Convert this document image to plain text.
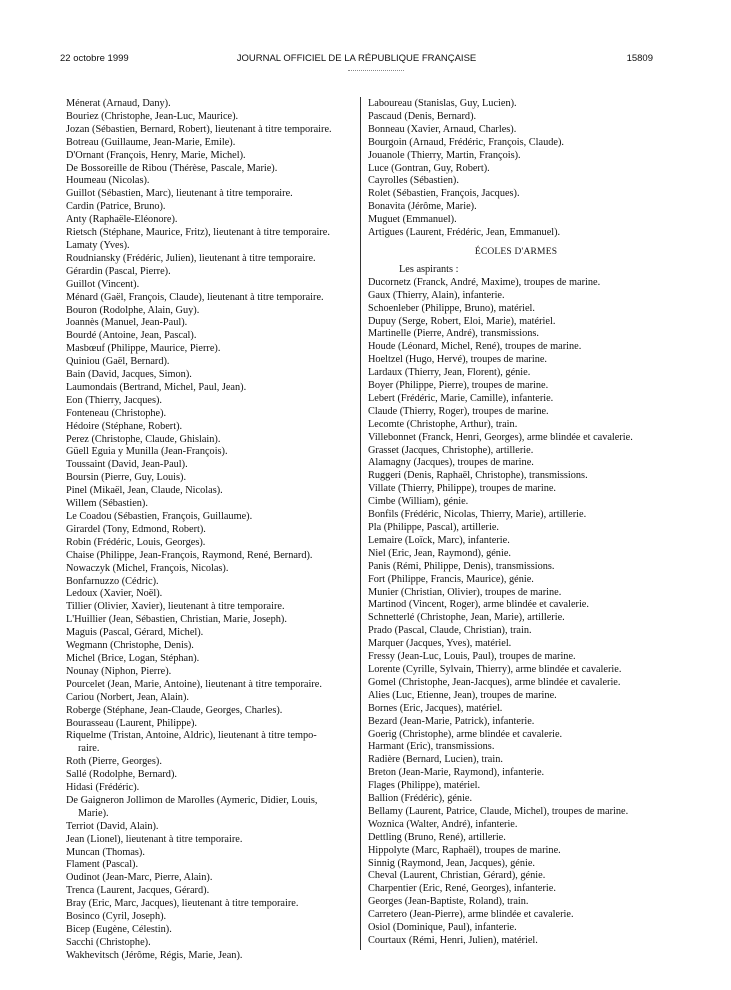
22 octobre 1999	JOURNAL OFFICIEL DE LA RÉPUBLIQUE FRANÇAISE	15809
Ménerat (Arnaud, Dany).
Bouriez (Christophe, Jean-Luc, Maurice).
Jozan (Sébastien, Bernard, Robert), lieutenant à titre temporaire.
Botreau (Guillaume, Jean-Marie, Emile).
D'Ornant (François, Henry, Marie, Michel).
De Bossoreille de Ribou (Thérèse, Pascale, Marie).
Houmeau (Nicolas).
Guillot (Sébastien, Marc), lieutenant à titre temporaire.
Cardin (Patrice, Bruno).
Anty (Raphaële-Eléonore).
Rietsch (Stéphane, Maurice, Fritz), lieutenant à titre temporaire.
Lamaty (Yves).
Roudniansky (Frédéric, Julien), lieutenant à titre temporaire.
Gérardin (Pascal, Pierre).
Guillot (Vincent).
Ménard (Gaël, François, Claude), lieutenant à titre temporaire.
Bouron (Rodolphe, Alain, Guy).
Joannès (Manuel, Jean-Paul).
Bourdé (Antoine, Jean, Pascal).
Masbœuf (Philippe, Maurice, Pierre).
Quiniou (Gaël, Bernard).
Bain (David, Jacques, Simon).
Laumondais (Bertrand, Michel, Paul, Jean).
Eon (Thierry, Jacques).
Fonteneau (Christophe).
Hédoire (Stéphane, Robert).
Perez (Christophe, Claude, Ghislain).
Güell Eguia y Munilla (Jean-François).
Toussaint (David, Jean-Paul).
Boursin (Pierre, Guy, Louis).
Pinel (Mikaël, Jean, Claude, Nicolas).
Willem (Sébastien).
Le Coadou (Sébastien, François, Guillaume).
Girardel (Tony, Edmond, Robert).
Robin (Frédéric, Louis, Georges).
Chaise (Philippe, Jean-François, Raymond, René, Bernard).
Nowaczyk (Michel, François, Nicolas).
Bonfarnuzzo (Cédric).
Ledoux (Xavier, Noël).
Tillier (Olivier, Xavier), lieutenant à titre temporaire.
L'Huillier (Jean, Sébastien, Christian, Marie, Joseph).
Maguis (Pascal, Gérard, Michel).
Wegmann (Christophe, Denis).
Michel (Brice, Logan, Stéphan).
Nounay (Niphon, Pierre).
Pourcelet (Jean, Marie, Antoine), lieutenant à titre temporaire.
Cariou (Norbert, Jean, Alain).
Roberge (Stéphane, Jean-Claude, Georges, Charles).
Bourasseau (Laurent, Philippe).
Riquelme (Tristan, Antoine, Aldric), lieutenant à titre tempo-
raire.
Roth (Pierre, Georges).
Sallé (Rodolphe, Bernard).
Hidasi (Frédéric).
De Gaigneron Jollimon de Marolles (Aymeric, Didier, Louis,
Marie).
Terriot (David, Alain).
Jean (Lionel), lieutenant à titre temporaire.
Muncan (Thomas).
Flament (Pascal).
Oudinot (Jean-Marc, Pierre, Alain).
Trenca (Laurent, Jacques, Gérard).
Bray (Eric, Marc, Jacques), lieutenant à titre temporaire.
Bosinco (Cyril, Joseph).
Bicep (Eugène, Célestin).
Sacchi (Christophe).
Wakhevitsch (Jérôme, Régis, Marie, Jean).
Laboureau (Stanislas, Guy, Lucien).
Pascaud (Denis, Bernard).
Bonneau (Xavier, Arnaud, Charles).
Bourgoin (Arnaud, Frédéric, François, Claude).
Jouanole (Thierry, Martin, François).
Luce (Gontran, Guy, Robert).
Cayrolles (Sébastien).
Rolet (Sébastien, François, Jacques).
Bonavita (Jérôme, Marie).
Muguet (Emmanuel).
Artigues (Laurent, Frédéric, Jean, Emmanuel).
ÉCOLES D'ARMES
Les aspirants :
Ducornetz (Franck, André, Maxime), troupes de marine.
Gaux (Thierry, Alain), infanterie.
Schoenleber (Philippe, Bruno), matériel.
Dupuy (Serge, Robert, Eloi, Marie), matériel.
Martinelle (Pierre, André), transmissions.
Houde (Léonard, Michel, René), troupes de marine.
Hoeltzel (Hugo, Hervé), troupes de marine.
Lardaux (Thierry, Jean, Florent), génie.
Boyer (Philippe, Pierre), troupes de marine.
Lebert (Frédéric, Marie, Camille), infanterie.
Claude (Thierry, Roger), troupes de marine.
Lecomte (Christophe, Arthur), train.
Villebonnet (Franck, Henri, Georges), arme blindée et cavalerie.
Grasset (Jacques, Christophe), artillerie.
Alamagny (Jacques), troupes de marine.
Ruggeri (Denis, Raphaël, Christophe), transmissions.
Villate (Thierry, Philippe), troupes de marine.
Cimbe (William), génie.
Bonfils (Frédéric, Nicolas, Thierry, Marie), artillerie.
Pla (Philippe, Pascal), artillerie.
Lemaire (Loïck, Marc), infanterie.
Niel (Eric, Jean, Raymond), génie.
Panis (Rémi, Philippe, Denis), transmissions.
Fort (Philippe, Francis, Maurice), génie.
Munier (Christian, Olivier), troupes de marine.
Martinod (Vincent, Roger), arme blindée et cavalerie.
Schnetterlé (Christophe, Jean, Marie), artillerie.
Prado (Pascal, Claude, Christian), train.
Marquer (Jacques, Yves), matériel.
Fressy (Jean-Luc, Louis, Paul), troupes de marine.
Lorente (Cyrille, Sylvain, Thierry), arme blindée et cavalerie.
Gomel (Christophe, Jean-Jacques), arme blindée et cavalerie.
Alies (Luc, Etienne, Jean), troupes de marine.
Bornes (Eric, Jacques), matériel.
Bezard (Jean-Marie, Patrick), infanterie.
Goerig (Christophe), arme blindée et cavalerie.
Harmant (Eric), transmissions.
Radière (Bernard, Lucien), train.
Breton (Jean-Marie, Raymond), infanterie.
Flages (Philippe), matériel.
Ballion (Frédéric), génie.
Bellamy (Laurent, Patrice, Claude, Michel), troupes de marine.
Woznica (Walter, André), infanterie.
Dettling (Bruno, René), artillerie.
Hippolyte (Marc, Raphaël), troupes de marine.
Sinnig (Raymond, Jean, Jacques), génie.
Cheval (Laurent, Christian, Gérard), génie.
Charpentier (Eric, René, Georges), infanterie.
Georges (Jean-Baptiste, Roland), train.
Carretero (Jean-Pierre), arme blindée et cavalerie.
Osiol (Dominique, Paul), infanterie.
Courtaux (Rémi, Henri, Julien), matériel.
